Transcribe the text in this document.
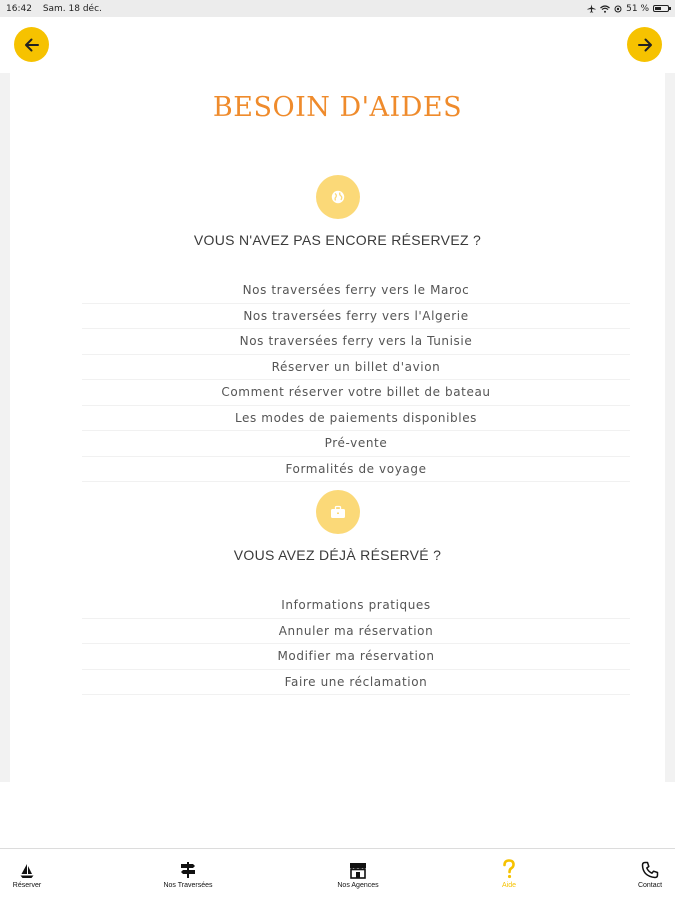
16:42 Sam. 18 déc.	51 %
BESOIN D'AIDES
VOUS N'AVEZ PAS ENCORE RÉSERVEZ ?
Nos traversées ferry vers le Maroc
Nos traversées ferry vers l'Algerie
Nos traversées ferry vers la Tunisie
Réserver un billet d'avion
Comment réserver votre billet de bateau
Les modes de paiements disponibles
Pré-vente
Formalités de voyage
VOUS AVEZ DÉJÀ RÉSERVÉ ?
Informations pratiques
Annuler ma réservation
Modifier ma réservation
Faire une réclamation
Réserver	Nos Traversées	Nos Agences	Aide	Contact
